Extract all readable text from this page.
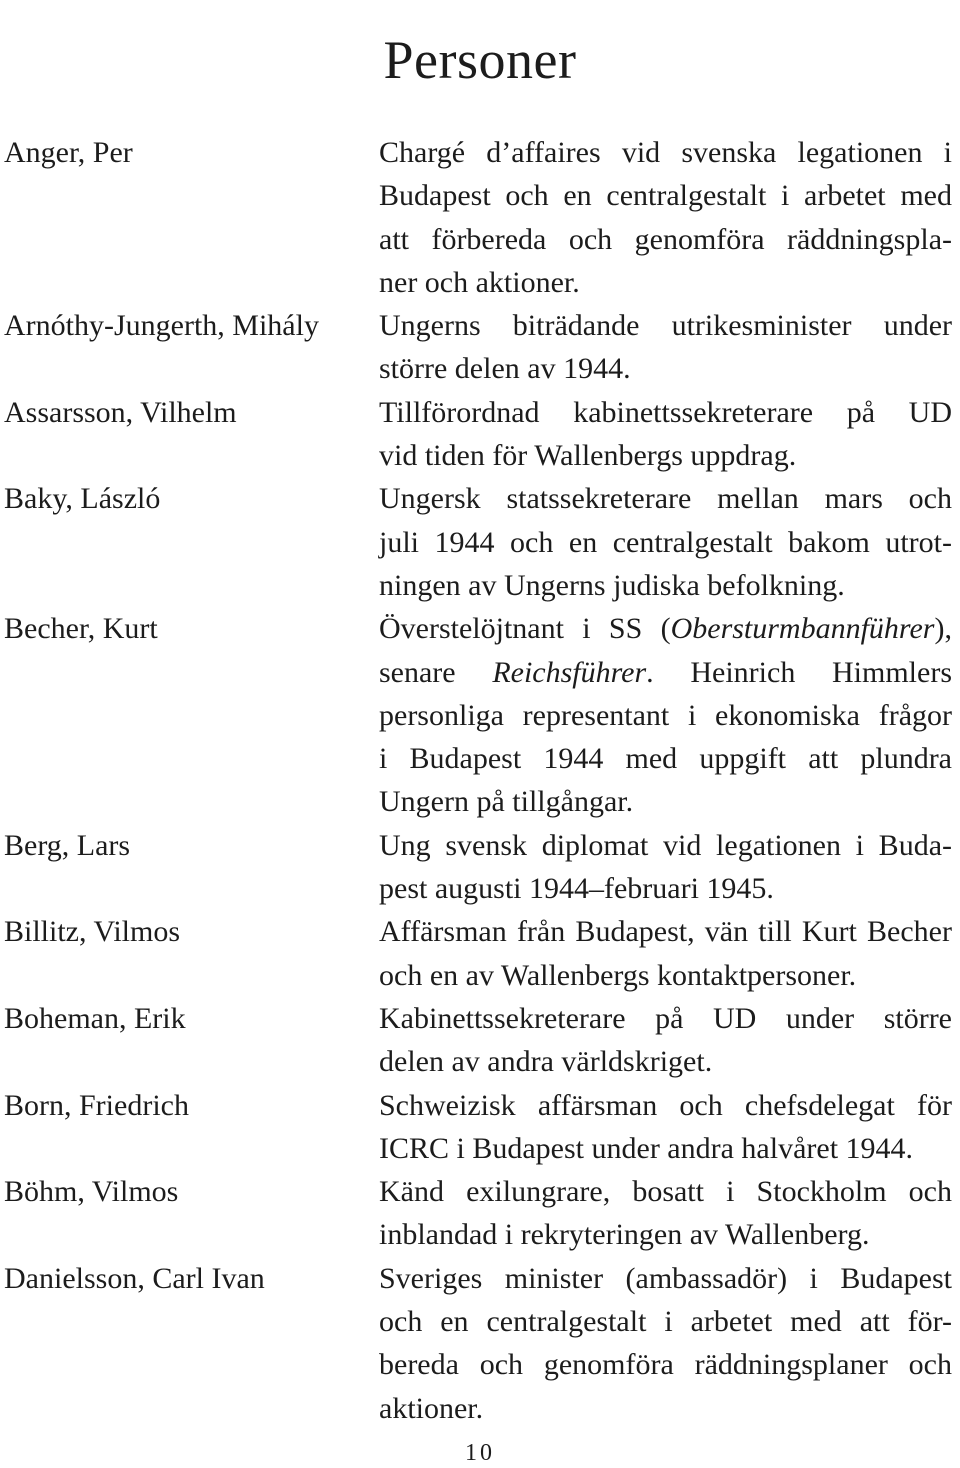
Personer
Anger, Per	Chargé d’affaires vid svenska legationen i
Budapest och en centralgestalt i arbetet med
att förbereda och genomföra räddningspla-
ner och aktioner.
Arnóthy-Jungerth, Mihály	Ungerns biträdande utrikesminister under
större delen av 1944.
Assarsson, Vilhelm	Tillförordnad kabinettssekreterare på UD
vid tiden för Wallenbergs uppdrag.
Baky, László	Ungersk statssekreterare mellan mars och
juli 1944 och en centralgestalt bakom utrot-
ningen av Ungerns judiska befolkning.
Becher, Kurt	Överstelöjtnant i SS (Obersturmbannführer),
senare Reichsführer. Heinrich Himmlers
personliga representant i ekonomiska frågor
i Budapest 1944 med uppgift att plundra
Ungern på tillgångar.
Berg, Lars	Ung svensk diplomat vid legationen i Buda-
pest augusti 1944–februari 1945.
Billitz, Vilmos	Affärsman från Budapest, vän till Kurt Becher
och en av Wallenbergs kontaktpersoner.
Boheman, Erik	Kabinettssekreterare på UD under större
delen av andra världskriget.
Born, Friedrich	Schweizisk affärsman och chefsdelegat för
ICRC i Budapest under andra halvåret 1944.
Böhm, Vilmos	Känd exilungrare, bosatt i Stockholm och
inblandad i rekryteringen av Wallenberg.
Danielsson, Carl Ivan	Sveriges minister (ambassadör) i Budapest
och en centralgestalt i arbetet med att för-
bereda och genomföra räddningsplaner och
aktioner.
10
